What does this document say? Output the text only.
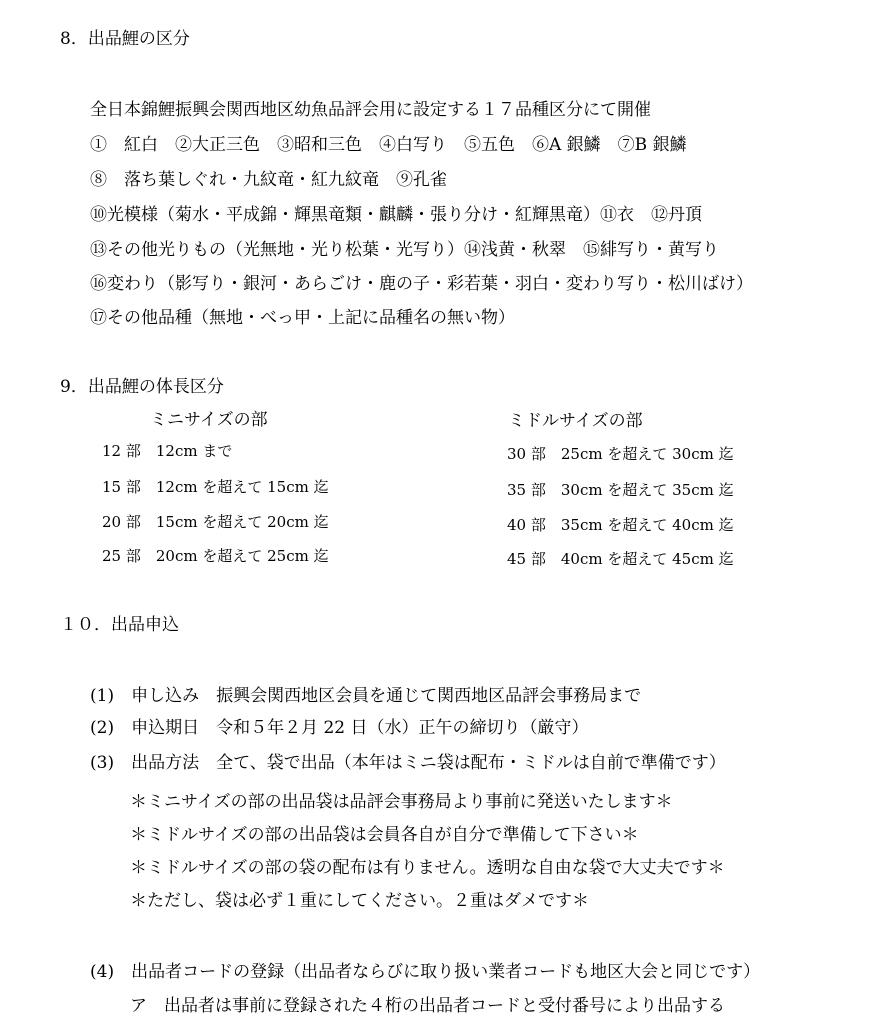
8．出品鯉の区分
全日本錦鯉振興会関西地区幼魚品評会用に設定する１７品種区分にて開催
①　紅白　②大正三色　③昭和三色　④白写り　⑤五色　⑥A 銀鱗　⑦B 銀鱗
⑧　落ち葉しぐれ・九紋竜・紅九紋竜　⑨孔雀
⑩光模様（菊水・平成錦・輝黒竜類・麒麟・張り分け・紅輝黒竜）⑪衣　⑫丹頂
⑬その他光りもの（光無地・光り松葉・光写り）⑭浅黄・秋翠　⑮緋写り・黄写り
⑯変わり（影写り・銀河・あらごけ・鹿の子・彩若葉・羽白・変わり写り・松川ばけ）
⑰その他品種（無地・べっ甲・上記に品種名の無い物）
9．出品鯉の体長区分
ミニサイズの部	ミドルサイズの部
12 部　12cm まで
15 部　12cm を超えて 15cm 迄
20 部　15cm を超えて 20cm 迄
25 部　20cm を超えて 25cm 迄
30 部　25cm を超えて 30cm 迄
35 部　30cm を超えて 35cm 迄
40 部　35cm を超えて 40cm 迄
45 部　40cm を超えて 45cm 迄
１０．出品申込
(1)　申し込み　振興会関西地区会員を通じて関西地区品評会事務局まで
(2)　申込期日　令和５年２月 22 日（水）正午の締切り（厳守）
(3)　出品方法　全て、袋で出品（本年はミニ袋は配布・ミドルは自前で準備です）
＊ミニサイズの部の出品袋は品評会事務局より事前に発送いたします＊
＊ミドルサイズの部の出品袋は会員各自が自分で準備して下さい＊
＊ミドルサイズの部の袋の配布は有りません。透明な自由な袋で大丈夫です＊
＊ただし、袋は必ず１重にしてください。２重はダメです＊
(4)　出品者コードの登録（出品者ならびに取り扱い業者コードも地区大会と同じです）
ア　出品者は事前に登録された４桁の出品者コードと受付番号により出品する
